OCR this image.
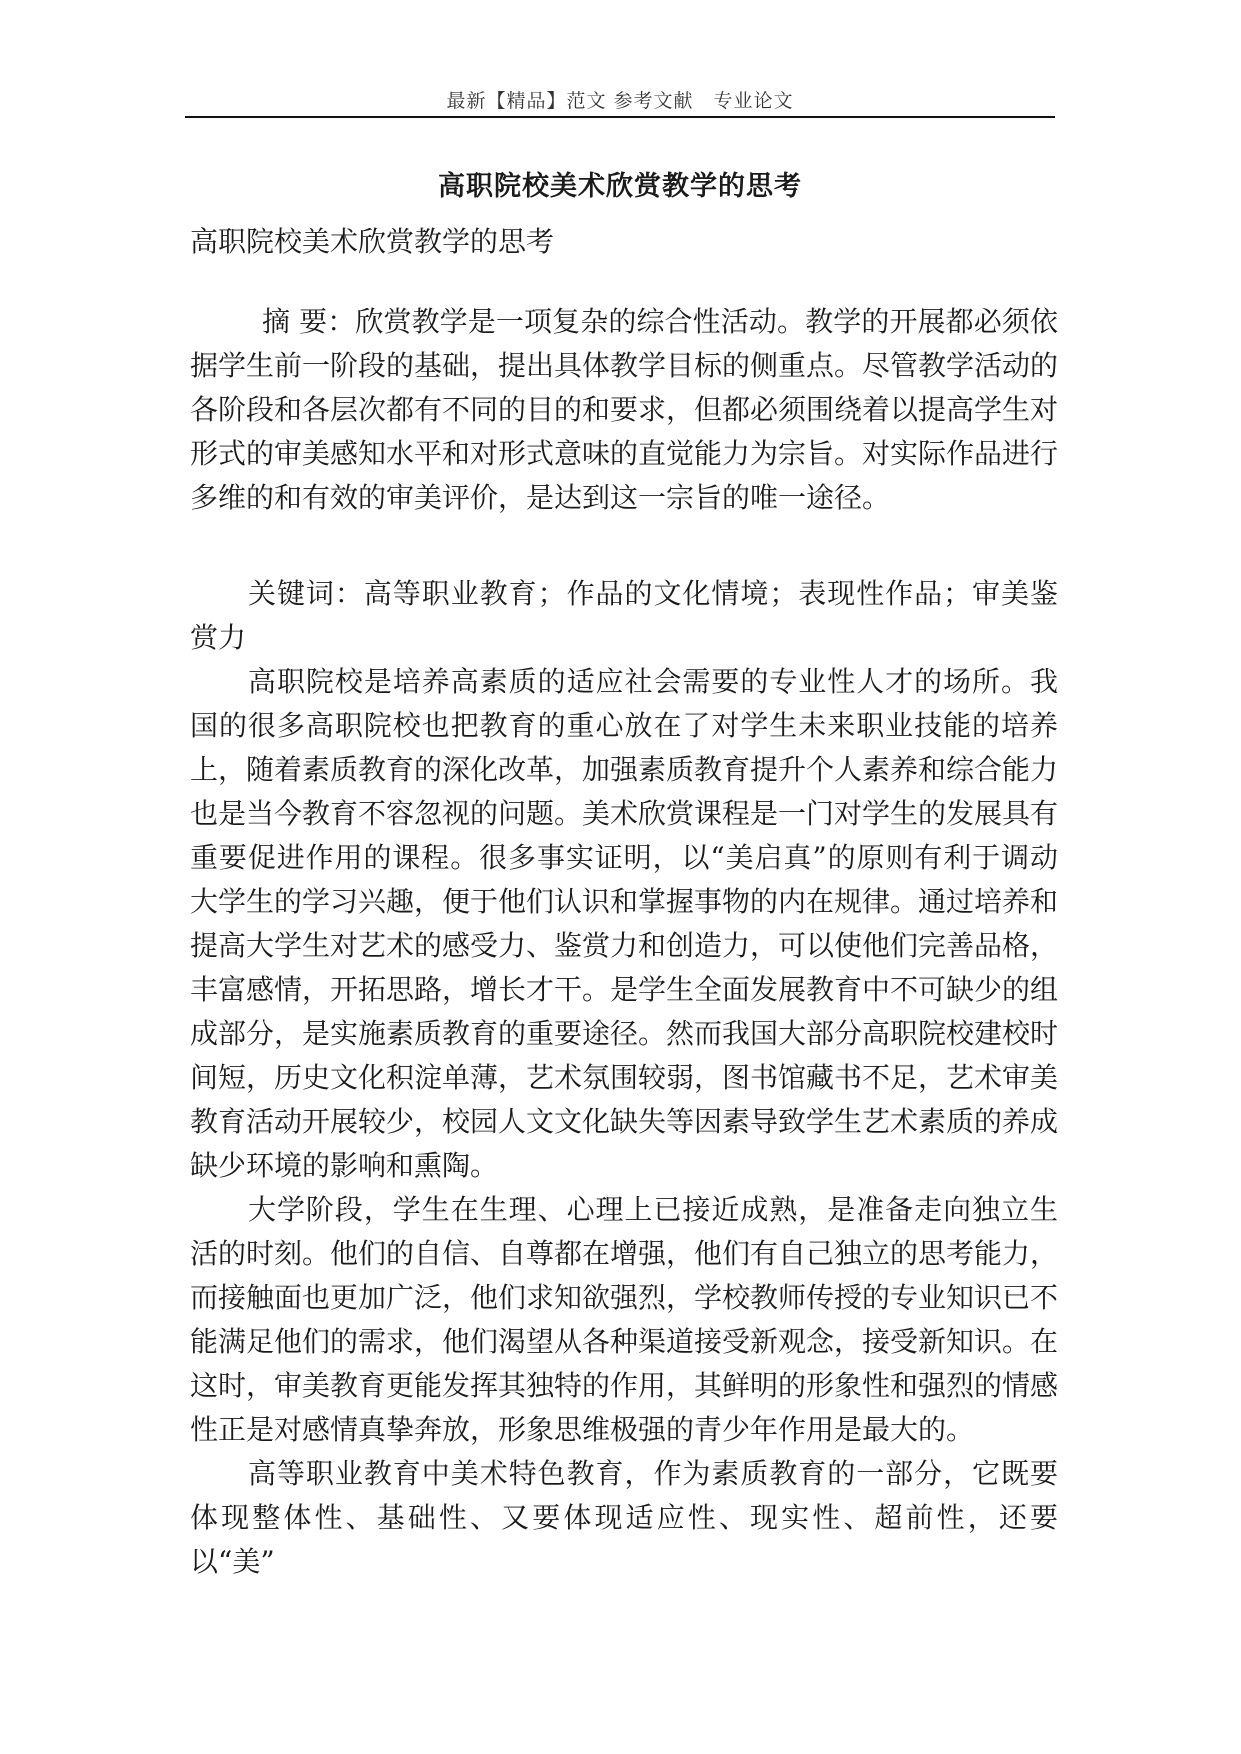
最新【精品】范文 参考文献　专业论文
高职院校美术欣赏教学的思考

高职院校美术欣赏教学的思考

摘 要：欣赏教学是一项复杂的综合性活动。教学的开展都必须依据学生前一阶段的基础，提出具体教学目标的侧重点。尽管教学活动的各阶段和各层次都有不同的目的和要求，但都必须围绕着以提高学生对形式的审美感知水平和对形式意味的直觉能力为宗旨。对实际作品进行多维的和有效的审美评价，是达到这一宗旨的唯一途径。

关键词：高等职业教育；作品的文化情境；表现性作品；审美鉴赏力

高职院校是培养高素质的适应社会需要的专业性人才的场所。我国的很多高职院校也把教育的重心放在了对学生未来职业技能的培养上，随着素质教育的深化改革，加强素质教育提升个人素养和综合能力也是当今教育不容忽视的问题。美术欣赏课程是一门对学生的发展具有重要促进作用的课程。很多事实证明，以“美启真”的原则有利于调动大学生的学习兴趣，便于他们认识和掌握事物的内在规律。通过培养和提高大学生对艺术的感受力、鉴赏力和创造力，可以使他们完善品格，丰富感情，开拓思路，增长才干。是学生全面发展教育中不可缺少的组成部分，是实施素质教育的重要途径。然而我国大部分高职院校建校时间短，历史文化积淀单薄，艺术氛围较弱，图书馆藏书不足，艺术审美教育活动开展较少，校园人文文化缺失等因素导致学生艺术素质的养成缺少环境的影响和熏陶。

大学阶段，学生在生理、心理上已接近成熟，是准备走向独立生活的时刻。他们的自信、自尊都在增强，他们有自己独立的思考能力，而接触面也更加广泛，他们求知欲强烈，学校教师传授的专业知识已不能满足他们的需求，他们渴望从各种渠道接受新观念，接受新知识。在这时，审美教育更能发挥其独特的作用，其鲜明的形象性和强烈的情感性正是对感情真挚奔放，形象思维极强的青少年作用是最大的。

高等职业教育中美术特色教育，作为素质教育的一部分，它既要体现整体性、基础性、又要体现适应性、现实性、超前性，还要以“美”
